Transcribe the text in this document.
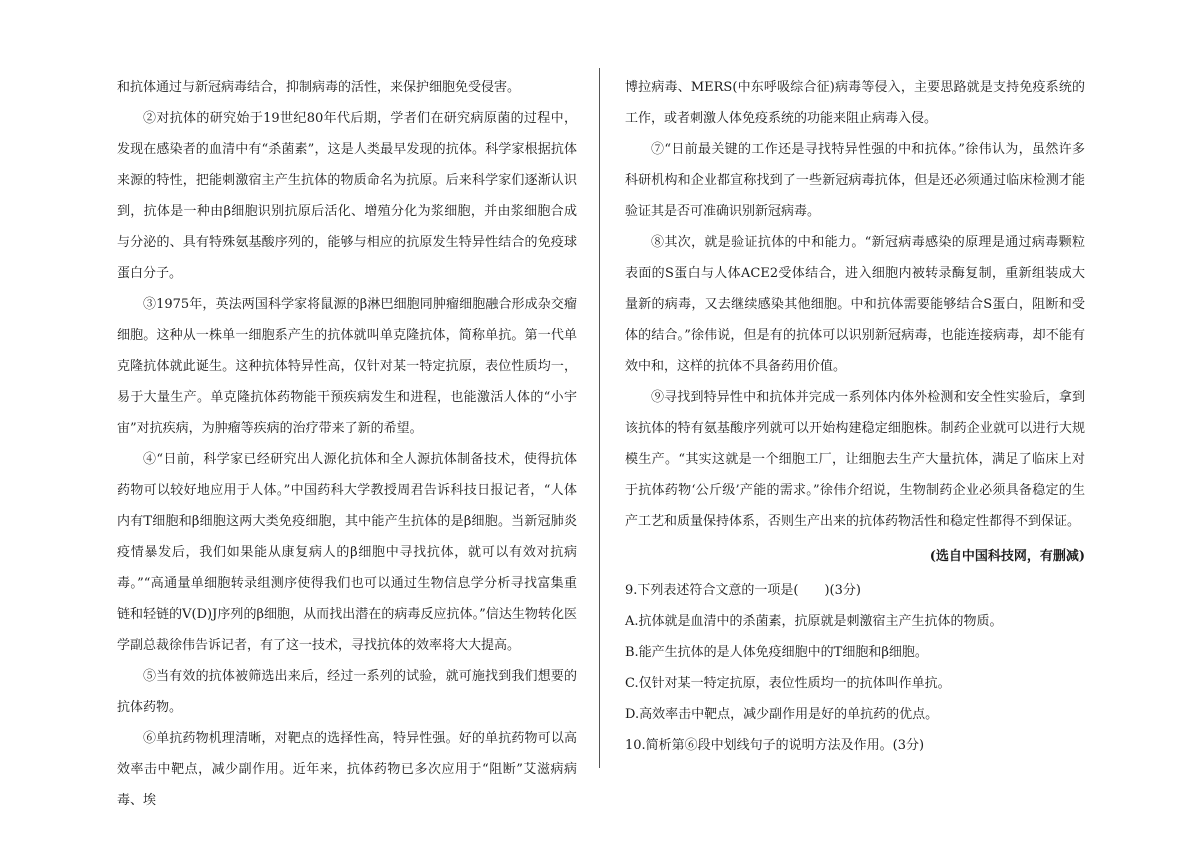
和抗体通过与新冠病毒结合，抑制病毒的活性，来保护细胞免受侵害。

②对抗体的研究始于19世纪80年代后期，学者们在研究病原菌的过程中，发现在感染者的血清中有“杀菌素”，这是人类最早发现的抗体。科学家根据抗体来源的特性，把能刺激宿主产生抗体的物质命名为抗原。后来科学家们逐渐认识到，抗体是一种由β细胞识别抗原后活化、增殖分化为浆细胞，并由浆细胞合成与分泌的、具有特殊氨基酸序列的，能够与相应的抗原发生特异性结合的免疫球蛋白分子。

③1975年，英法两国科学家将鼠源的β淋巴细胞同肿瘤细胞融合形成杂交瘤细胞。这种从一株单一细胞系产生的抗体就叫单克隆抗体，简称单抗。第一代单克隆抗体就此诞生。这种抗体特异性高，仅针对某一特定抗原，表位性质均一，易于大量生产。单克隆抗体药物能干预疾病发生和进程，也能激活人体的“小宇宙”对抗疾病，为肿瘤等疾病的治疗带来了新的希望。

④“日前，科学家已经研究出人源化抗体和全人源抗体制备技术，使得抗体药物可以较好地应用于人体。”中国药科大学教授周君告诉科技日报记者，“人体内有T细胞和β细胞这两大类免疫细胞，其中能产生抗体的是β细胞。当新冠肺炎疫情暴发后，我们如果能从康复病人的β细胞中寻找抗体，就可以有效对抗病毒。”“高通量单细胞转录组测序使得我们也可以通过生物信息学分析寻找富集重链和轻链的V(D)J序列的β细胞，从而找出潜在的病毒反应抗体。”信达生物转化医学副总裁徐伟告诉记者，有了这一技术，寻找抗体的效率将大大提高。

⑤当有效的抗体被筛选出来后，经过一系列的试验，就可施找到我们想要的抗体药物。

⑥单抗药物机理清晰，对靶点的选择性高，特异性强。好的单抗药物可以高效率击中靶点，减少副作用。近年来，抗体药物已多次应用于“阻断”艾滋病病毒、埃

博拉病毒、MERS(中东呼吸综合征)病毒等侵入，主要思路就是支持免疫系统的工作，或者刺激人体免疫系统的功能来阻止病毒入侵。

⑦“日前最关键的工作还是寻找特异性强的中和抗体。”徐伟认为，虽然许多科研机构和企业都宣称找到了一些新冠病毒抗体，但是还必须通过临床检测才能验证其是否可准确识别新冠病毒。

⑧其次，就是验证抗体的中和能力。“新冠病毒感染的原理是通过病毒颗粒表面的S蛋白与人体ACE2受体结合，进入细胞内被转录酶复制，重新组装成大量新的病毒，又去继续感染其他细胞。中和抗体需要能够结合S蛋白，阻断和受体的结合。”徐伟说，但是有的抗体可以识别新冠病毒，也能连接病毒，却不能有效中和，这样的抗体不具备药用价值。

⑨寻找到特异性中和抗体并完成一系列体内体外检测和安全性实验后，拿到该抗体的特有氨基酸序列就可以开始构建稳定细胞株。制药企业就可以进行大规模生产。“其实这就是一个细胞工厂，让细胞去生产大量抗体，满足了临床上对于抗体药物‘公斤级’产能的需求。”徐伟介绍说，生物制药企业必须具备稳定的生产工艺和质量保持体系，否则生产出来的抗体药物活性和稳定性都得不到保证。

(选自中国科技网，有删减)

9.下列表述符合文意的一项是(　　)(3分)

A.抗体就是血清中的杀菌素，抗原就是刺激宿主产生抗体的物质。

B.能产生抗体的是人体免疫细胞中的T细胞和β细胞。

C.仅针对某一特定抗原，表位性质均一的抗体叫作单抗。

D.高效率击中靶点，减少副作用是好的单抗药的优点。

10.简析第⑥段中划线句子的说明方法及作用。(3分)
